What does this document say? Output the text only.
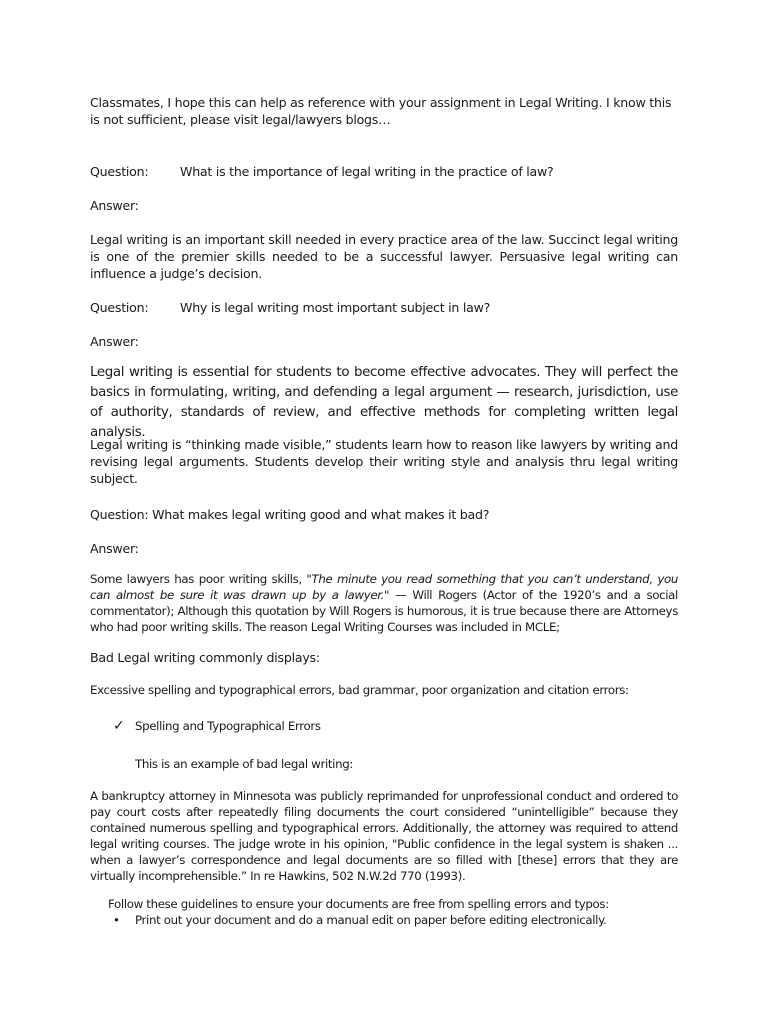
Classmates, I hope this can help as reference with your assignment in Legal Writing. I know this is not sufficient, please visit legal/lawyers blogs…

Question:	What is the importance of legal writing in the practice of law?

Answer:

Legal writing is an important skill needed in every practice area of the law. Succinct legal writing is one of the premier skills needed to be a successful lawyer. Persuasive legal writing can influence a judge’s decision.

Question:	Why is legal writing most important subject in law?

Answer:

Legal writing is essential for students to become effective advocates. They will perfect the basics in formulating, writing, and defending a legal argument — research, jurisdiction, use of authority, standards of review, and effective methods for completing written legal analysis.

Legal writing is “thinking made visible,” students learn how to reason like lawyers by writing and revising legal arguments. Students develop their writing style and analysis thru legal writing subject.

Question: What makes legal writing good and what makes it bad?

Answer:

Some lawyers has poor writing skills, "The minute you read something that you can’t understand, you can almost be sure it was drawn up by a lawyer." — Will Rogers (Actor of the 1920’s and a social commentator); Although this quotation by Will Rogers is humorous, it is true because there are Attorneys who had poor writing skills. The reason Legal Writing Courses was included in MCLE;

Bad Legal writing commonly displays:

Excessive spelling and typographical errors, bad grammar, poor organization and citation errors:

✓ Spelling and Typographical Errors

This is an example of bad legal writing:

A bankruptcy attorney in Minnesota was publicly reprimanded for unprofessional conduct and ordered to pay court costs after repeatedly filing documents the court considered “unintelligible” because they contained numerous spelling and typographical errors. Additionally, the attorney was required to attend legal writing courses. The judge wrote in his opinion, "Public confidence in the legal system is shaken ... when a lawyer’s correspondence and legal documents are so filled with [these] errors that they are virtually incomprehensible.” In re Hawkins, 502 N.W.2d 770 (1993).

Follow these guidelines to ensure your documents are free from spelling errors and typos:

•	Print out your document and do a manual edit on paper before editing electronically.
